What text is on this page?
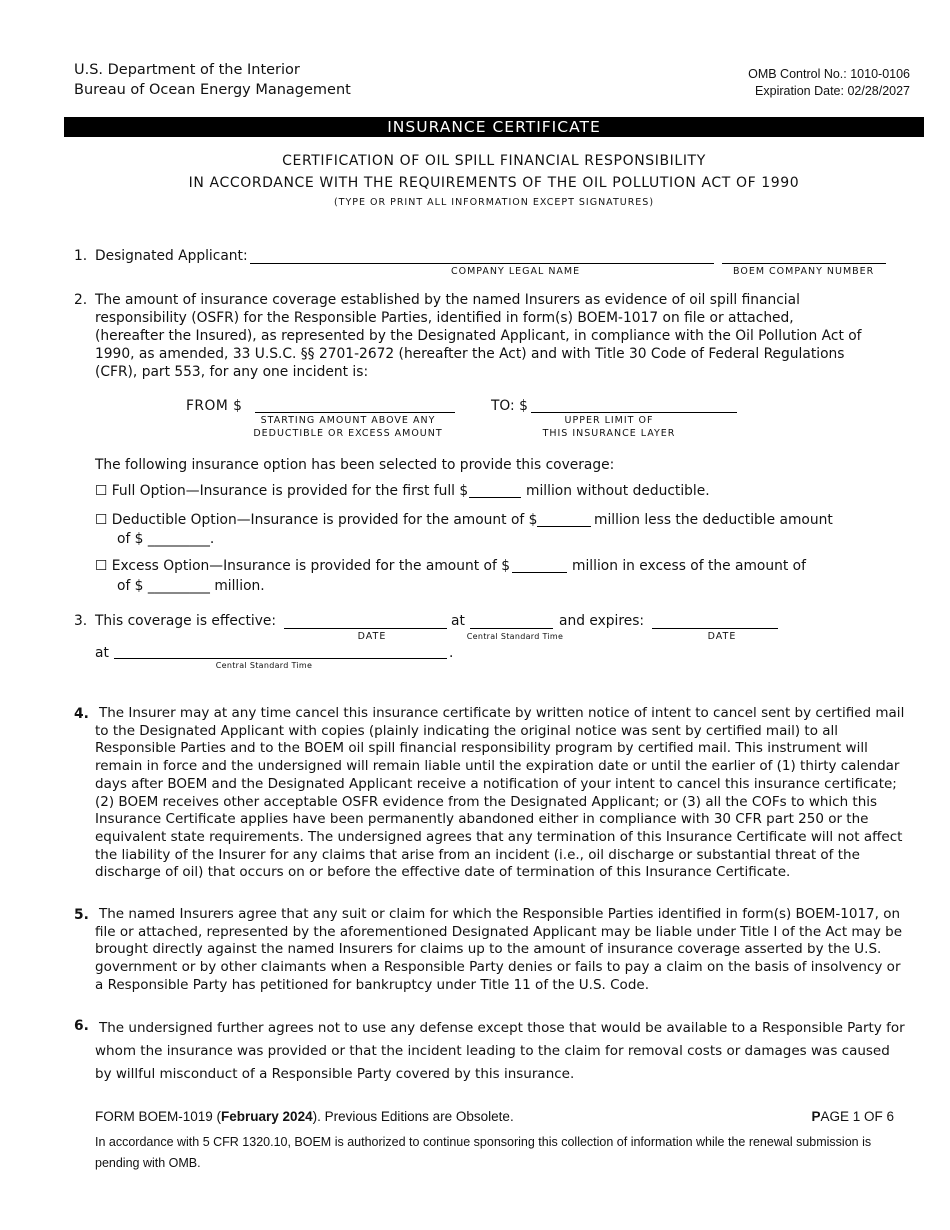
U.S. Department of the Interior
Bureau of Ocean Energy Management
OMB Control No.: 1010-0106
Expiration Date: 02/28/2027
INSURANCE CERTIFICATE
CERTIFICATION OF OIL SPILL FINANCIAL RESPONSIBILITY
IN ACCORDANCE WITH THE REQUIREMENTS OF THE OIL POLLUTION ACT OF 1990
(TYPE OR PRINT ALL INFORMATION EXCEPT SIGNATURES)
1. Designated Applicant:
COMPANY LEGAL NAME	BOEM COMPANY NUMBER
2. The amount of insurance coverage established by the named Insurers as evidence of oil spill financial responsibility (OSFR) for the Responsible Parties, identified in form(s) BOEM-1017 on file or attached, (hereafter the Insured), as represented by the Designated Applicant, in compliance with the Oil Pollution Act of 1990, as amended, 33 U.S.C. §§ 2701-2672 (hereafter the Act) and with Title 30 Code of Federal Regulations (CFR), part 553, for any one incident is:
FROM $
STARTING AMOUNT ABOVE ANY
DEDUCTIBLE OR EXCESS AMOUNT
TO: $
UPPER LIMIT OF
THIS INSURANCE LAYER
The following insurance option has been selected to provide this coverage:
☐ Full Option—Insurance is provided for the first full $	million without deductible.
☐ Deductible Option—Insurance is provided for the amount of $	million less the deductible amount
of $ _________.
☐ Excess Option—Insurance is provided for the amount of $	million in excess of the amount of
of $ _________ million.
3. This coverage is effective:
DATE
at
Central Standard Time
and expires:
DATE
at
Central Standard Time
.
4. The Insurer may at any time cancel this insurance certificate by written notice of intent to cancel sent by certified mail to the Designated Applicant with copies (plainly indicating the original notice was sent by certified mail) to all Responsible Parties and to the BOEM oil spill financial responsibility program by certified mail. This instrument will remain in force and the undersigned will remain liable until the expiration date or until the earlier of (1) thirty calendar days after BOEM and the Designated Applicant receive a notification of your intent to cancel this insurance certificate; (2) BOEM receives other acceptable OSFR evidence from the Designated Applicant; or (3) all the COFs to which this Insurance Certificate applies have been permanently abandoned either in compliance with 30 CFR part 250 or the equivalent state requirements. The undersigned agrees that any termination of this Insurance Certificate will not affect the liability of the Insurer for any claims that arise from an incident (i.e., oil discharge or substantial threat of the discharge of oil) that occurs on or before the effective date of termination of this Insurance Certificate.
5. The named Insurers agree that any suit or claim for which the Responsible Parties identified in form(s) BOEM-1017, on file or attached, represented by the aforementioned Designated Applicant may be liable under Title I of the Act may be brought directly against the named Insurers for claims up to the amount of insurance coverage asserted by the U.S. government or by other claimants when a Responsible Party denies or fails to pay a claim on the basis of insolvency or a Responsible Party has petitioned for bankruptcy under Title 11 of the U.S. Code.
6. The undersigned further agrees not to use any defense except those that would be available to a Responsible Party for whom the insurance was provided or that the incident leading to the claim for removal costs or damages was caused by willful misconduct of a Responsible Party covered by this insurance.
FORM BOEM-1019 (February 2024). Previous Editions are Obsolete.	PAGE 1 OF 6
In accordance with 5 CFR 1320.10, BOEM is authorized to continue sponsoring this collection of information while the renewal submission is pending with OMB.
